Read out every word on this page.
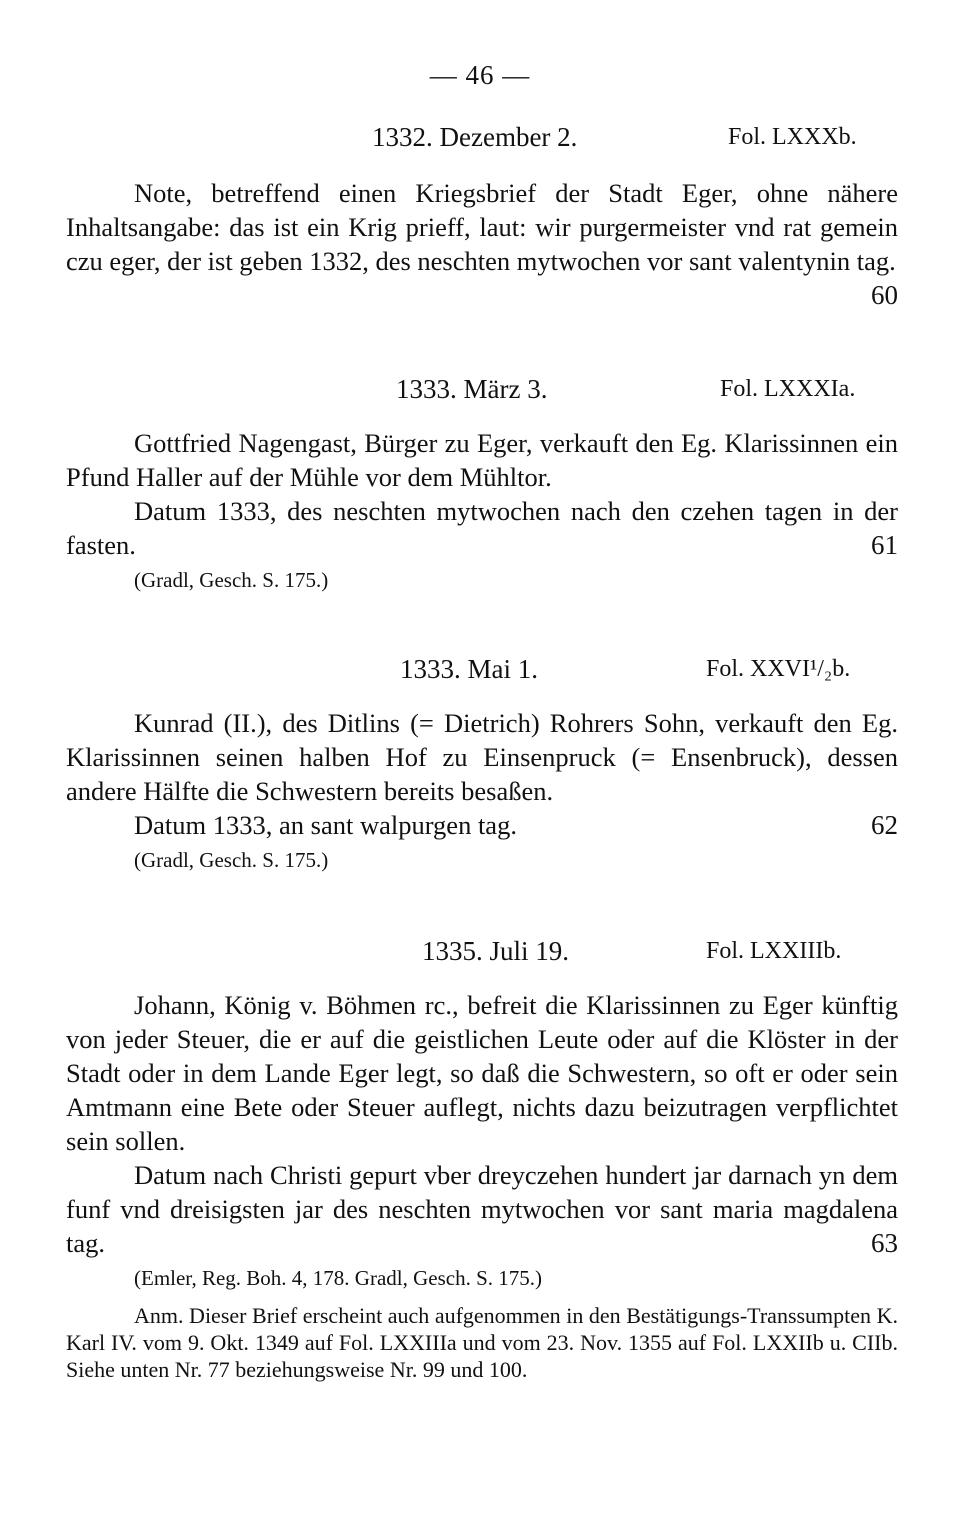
— 46 —
1332. Dezember 2.	Fol. LXXXb.

Note, betreffend einen Kriegsbrief der Stadt Eger, ohne nähere Inhaltsangabe: das ist ein Krig prieff, laut: wir purgermeister vnd rat gemein czu eger, der ist geben 1332, des neschten mytwochen vor sant valentynin tag.
60

1333. März 3.	Fol. LXXXIa.

Gottfried Nagengast, Bürger zu Eger, verkauft den Eg. Klarissinnen ein Pfund Haller auf der Mühle vor dem Mühltor.

Datum 1333, des neschten mytwochen nach den czehen tagen in der fasten.	61

(Gradl, Gesch. S. 175.)
1333. Mai 1.	Fol. XXVI¹/₂b.

Kunrad (II.), des Ditlins (= Dietrich) Rohrers Sohn, verkauft den Eg. Klarissinnen seinen halben Hof zu Einsenpruck (= Ensenbruck), dessen andere Hälfte die Schwestern bereits besaßen.

Datum 1333, an sant walpurgen tag.	62

(Gradl, Gesch. S. 175.)
1335. Juli 19.	Fol. LXXIIIb.

Johann, König v. Böhmen rc., befreit die Klarissinnen zu Eger künftig von jeder Steuer, die er auf die geistlichen Leute oder auf die Klöster in der Stadt oder in dem Lande Eger legt, so daß die Schwestern, so oft er oder sein Amtmann eine Bete oder Steuer auflegt, nichts dazu beizutragen verpflichtet sein sollen.

Datum nach Christi gepurt vber dreyczehen hundert jar darnach yn dem funf vnd dreisigsten jar des neschten mytwochen vor sant maria magdalena tag.	63

(Emler, Reg. Boh. 4, 178. Gradl, Gesch. S. 175.)
Anm. Dieser Brief erscheint auch aufgenommen in den Bestätigungs-Transsumpten K. Karl IV. vom 9. Okt. 1349 auf Fol. LXXIIIa und vom 23. Nov. 1355 auf Fol. LXXIIb u. CIIb. Siehe unten Nr. 77 beziehungsweise Nr. 99 und 100.
